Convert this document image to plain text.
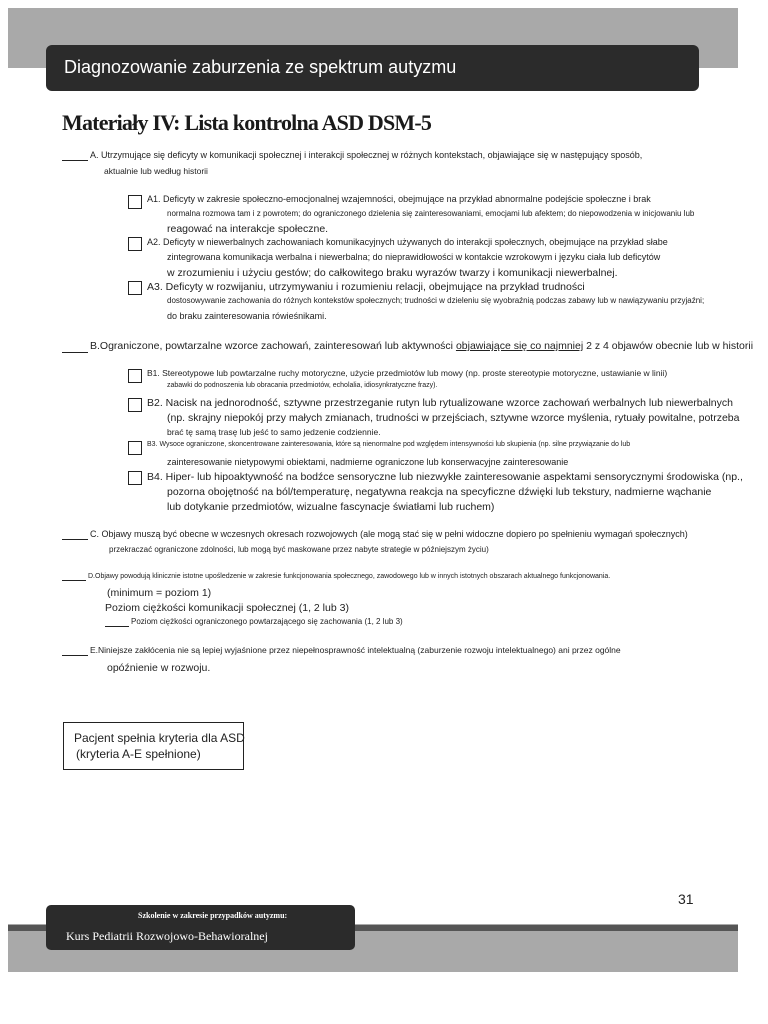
Diagnozowanie zaburzenia ze spektrum autyzmu
Materiały IV: Lista kontrolna ASD DSM-5
A. Utrzymujące się deficyty w komunikacji społecznej i interakcji społecznej w różnych kontekstach, objawiające się w następujący sposób,
aktualnie lub według historii
A1. Deficyty w zakresie społeczno-emocjonalnej wzajemności, obejmujące na przykład abnormalne podejście społeczne i brak
normalna rozmowa tam i z powrotem; do ograniczonego dzielenia się zainteresowaniami, emocjami lub afektem; do niepowodzenia w inicjowaniu lub
reagować na interakcje społeczne.
A2. Deficyty w niewerbalnych zachowaniach komunikacyjnych używanych do interakcji społecznych, obejmujące na przykład słabe
zintegrowana komunikacja werbalna i niewerbalna; do nieprawidłowości w kontakcie wzrokowym i języku ciała lub deficytów
w zrozumieniu i użyciu gestów; do całkowitego braku wyrazów twarzy i komunikacji niewerbalnej.
A3. Deficyty w rozwijaniu, utrzymywaniu i rozumieniu relacji, obejmujące na przykład trudności
dostosowywanie zachowania do różnych kontekstów społecznych; trudności w dzieleniu się wyobraźnią podczas zabawy lub w nawiązywaniu przyjaźni;
do braku zainteresowania rówieśnikami.
B.Ograniczone, powtarzalne wzorce zachowań, zainteresowań lub aktywności objawiające się co najmniej 2 z 4 objawów obecnie lub w historii
B1. Stereotypowe lub powtarzalne ruchy motoryczne, użycie przedmiotów lub mowy (np. proste stereotypie motoryczne, ustawianie w linii)
zabawki do podnoszenia lub obracania przedmiotów, echolalia, idiosynkratyczne frazy).
B2. Nacisk na jednorodność, sztywne przestrzeganie rutyn lub rytualizowane wzorce zachowań werbalnych lub niewerbalnych
(np. skrajny niepokój przy małych zmianach, trudności w przejściach, sztywne wzorce myślenia, rytuały powitalne, potrzeba
brać tę samą trasę lub jeść to samo jedzenie codziennie.
B3. Wysoce ograniczone, skoncentrowane zainteresowania, które są nienormalne pod względem intensywności lub skupienia (np. silne przywiązanie do lub
zainteresowanie nietypowymi obiektami, nadmierne ograniczone lub konserwacyjne zainteresowanie
B4. Hiper- lub hipoaktywność na bodźce sensoryczne lub niezwykłe zainteresowanie aspektami sensorycznymi środowiska (np.,
pozorna obojętność na ból/temperaturę, negatywna reakcja na specyficzne dźwięki lub tekstury, nadmierne wąchanie
lub dotykanie przedmiotów, wizualne fascynacje światłami lub ruchem)
C. Objawy muszą być obecne w wczesnych okresach rozwojowych (ale mogą stać się w pełni widoczne dopiero po spełnieniu wymagań społecznych)
przekraczać ograniczone zdolności, lub mogą być maskowane przez nabyte strategie w późniejszym życiu)
D.Objawy powodują klinicznie istotne upośledzenie w zakresie funkcjonowania społecznego, zawodowego lub w innych istotnych obszarach aktualnego funkcjonowania.
(minimum = poziom 1)
Poziom ciężkości komunikacji społecznej (1, 2 lub 3)
Poziom ciężkości ograniczonego powtarzającego się zachowania (1, 2 lub 3)
E.Niniejsze zakłócenia nie są lepiej wyjaśnione przez niepełnosprawność intelektualną (zaburzenie rozwoju intelektualnego) ani przez ogólne
opóźnienie w rozwoju.
Pacjent spełnia kryteria dla ASD
(kryteria A-E spełnione)
31
Szkolenie w zakresie przypadków autyzmu:
Kurs Pediatrii Rozwojowo-Behawioralnej
